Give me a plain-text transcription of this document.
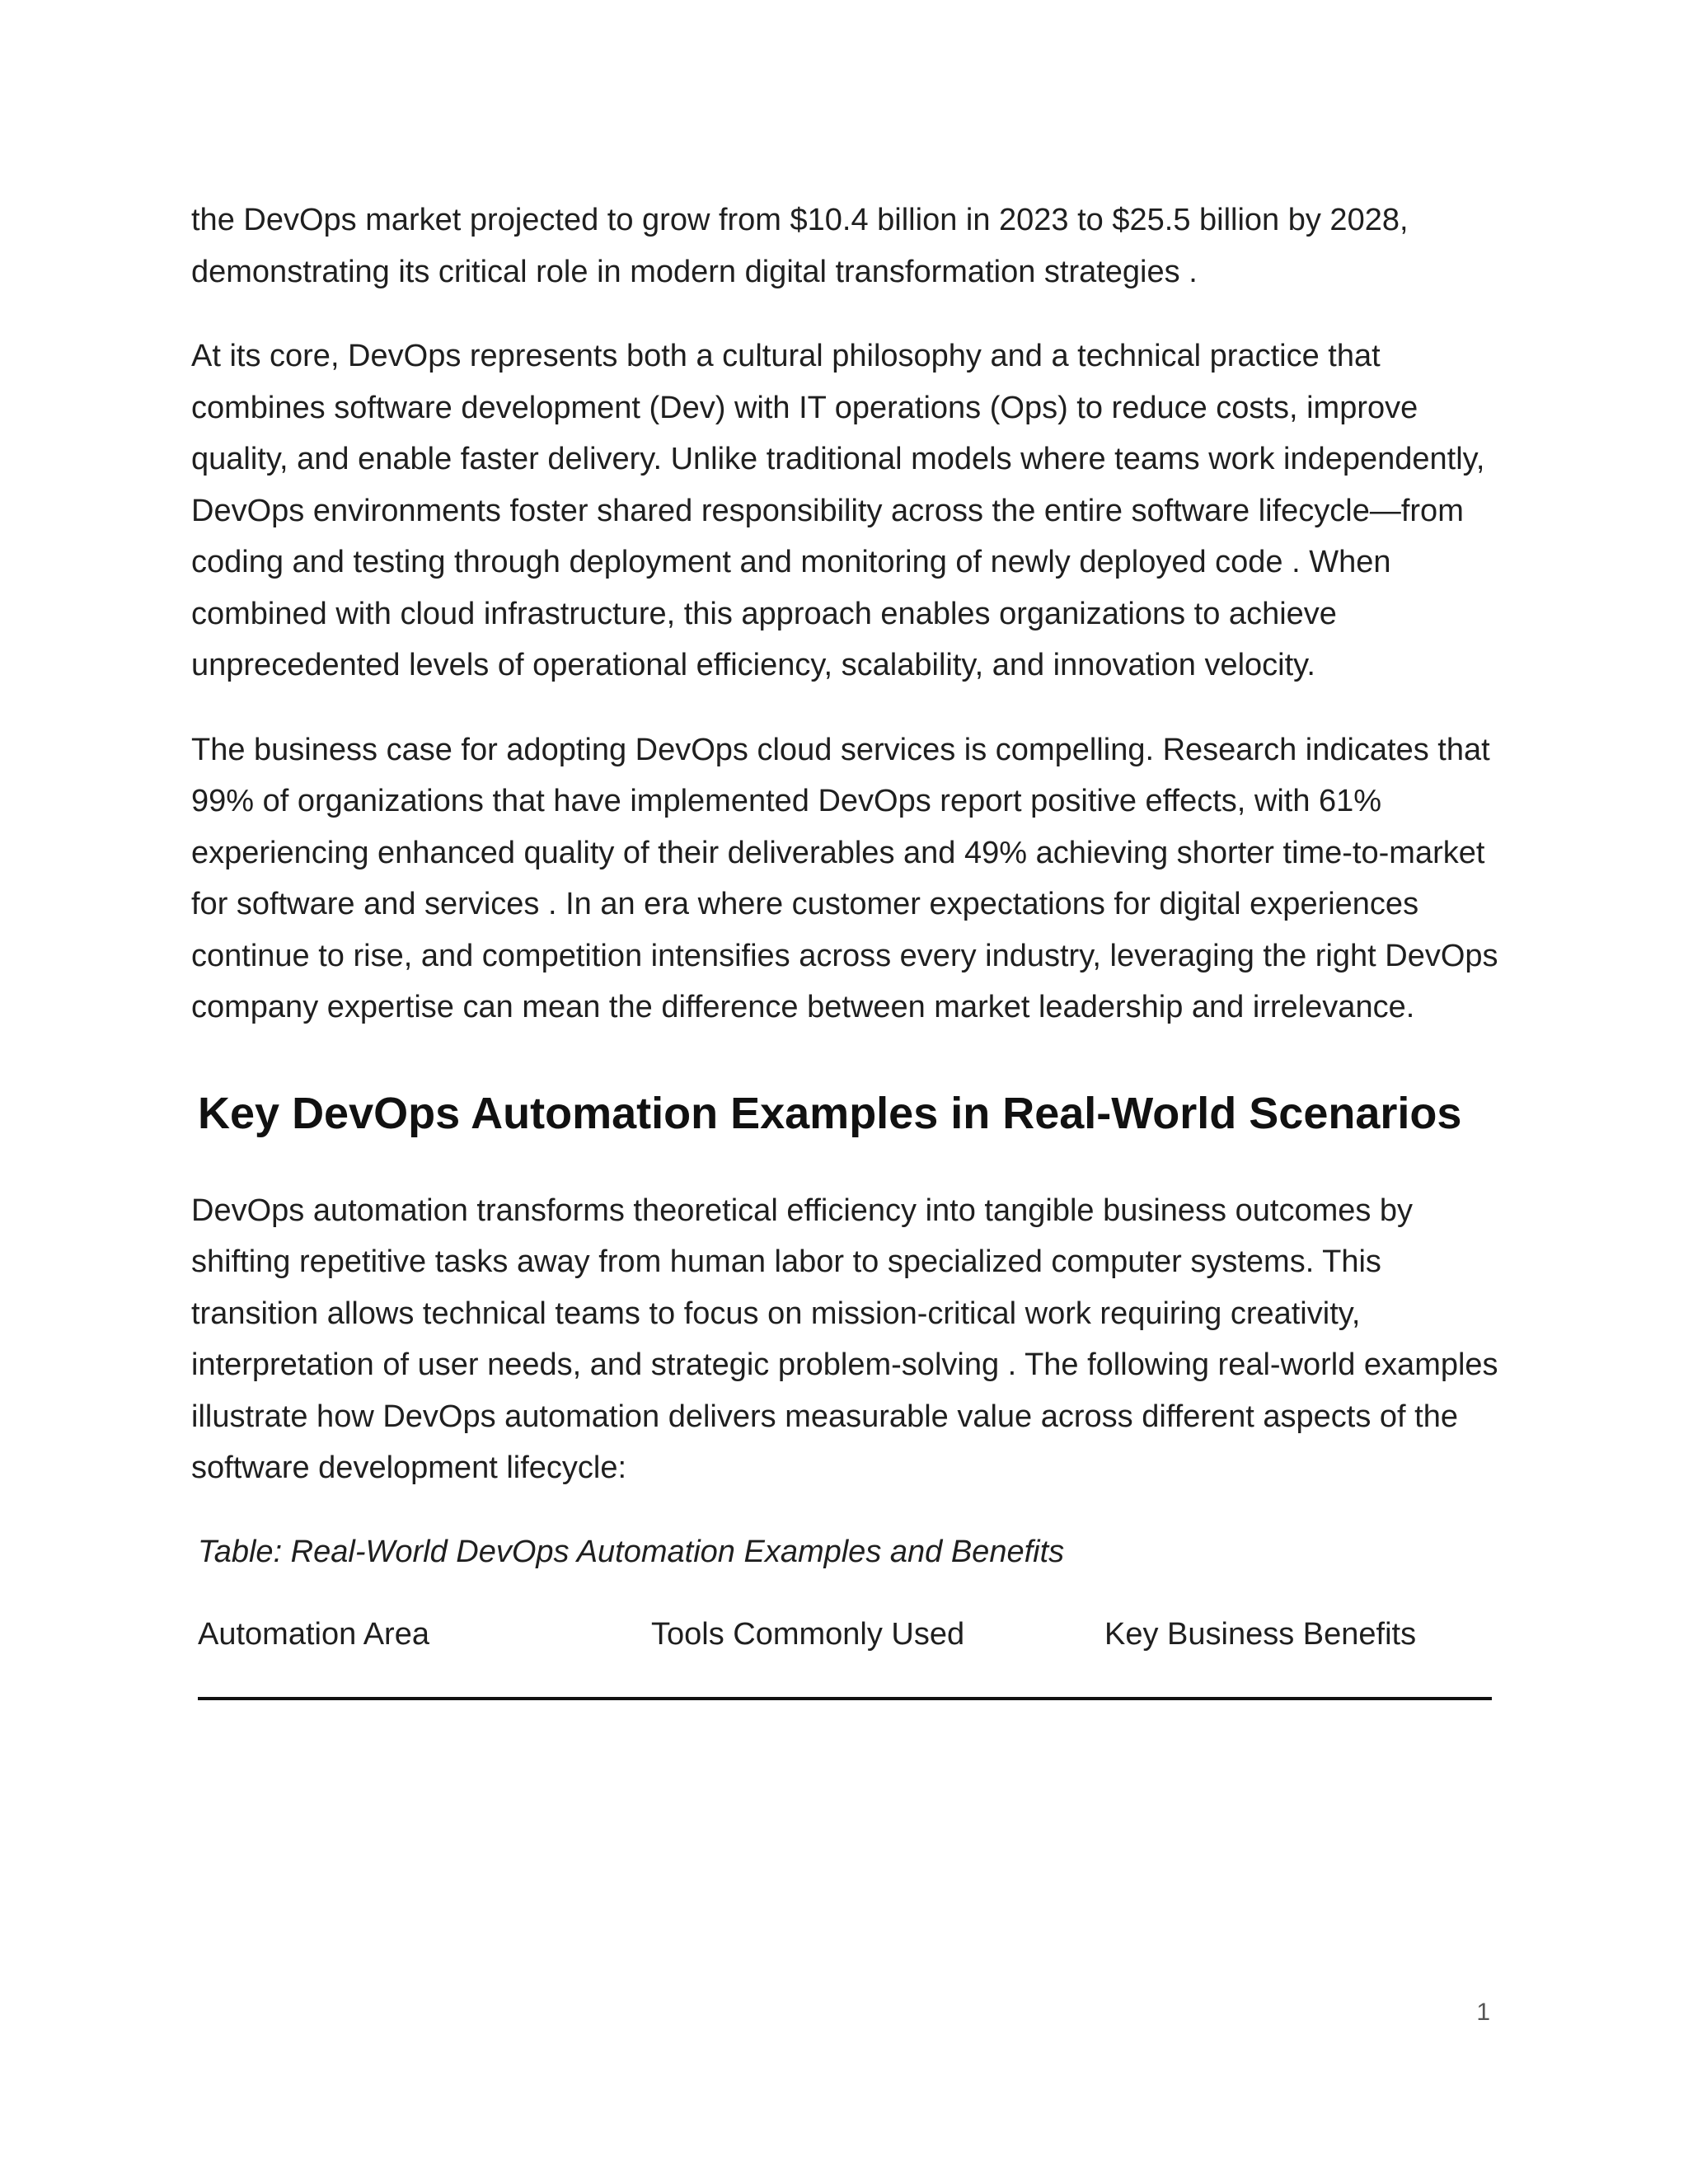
the DevOps market projected to grow from $10.4 billion in 2023 to $25.5 billion by 2028, demonstrating its critical role in modern digital transformation strategies .

At its core, DevOps represents both a cultural philosophy and a technical practice that combines software development (Dev) with IT operations (Ops) to reduce costs, improve quality, and enable faster delivery. Unlike traditional models where teams work independently, DevOps environments foster shared responsibility across the entire software lifecycle—from coding and testing through deployment and monitoring of newly deployed code . When combined with cloud infrastructure, this approach enables organizations to achieve unprecedented levels of operational efficiency, scalability, and innovation velocity.

The business case for adopting DevOps cloud services is compelling. Research indicates that 99% of organizations that have implemented DevOps report positive effects, with 61% experiencing enhanced quality of their deliverables and 49% achieving shorter time-to-market for software and services . In an era where customer expectations for digital experiences continue to rise, and competition intensifies across every industry, leveraging the right DevOps company expertise can mean the difference between market leadership and irrelevance.

Key DevOps Automation Examples in Real-World Scenarios

DevOps automation transforms theoretical efficiency into tangible business outcomes by shifting repetitive tasks away from human labor to specialized computer systems. This transition allows technical teams to focus on mission-critical work requiring creativity, interpretation of user needs, and strategic problem-solving . The following real-world examples illustrate how DevOps automation delivers measurable value across different aspects of the software development lifecycle:

Table: Real-World DevOps Automation Examples and Benefits

Automation Area	Tools Commonly Used	Key Business Benefits
1
